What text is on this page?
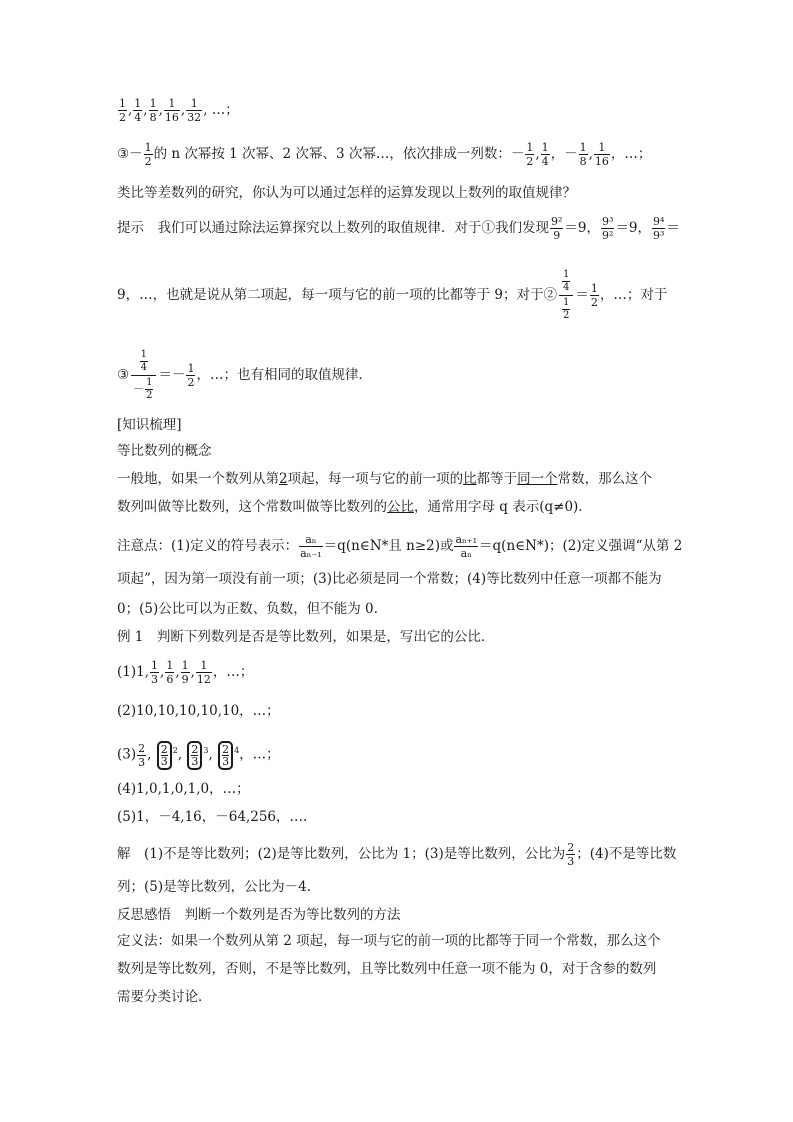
$\frac{1}{2}$ , $\frac{1}{4}$ , $\frac{1}{8}$ , $\frac{1}{16}$ , $\frac{1}{32}$ , …；
③－ $\frac{1}{2}$ 的 n 次幂按 1 次幂、2 次幂、3 次幂…，依次排成一列数：－ $\frac{1}{2}$ , $\frac{1}{4}$ ，－ $\frac{1}{8}$ , $\frac{1}{16}$ ，…；
类比等差数列的研究，你认为可以通过怎样的运算发现以上数列的取值规律？
提示　 我们可以通过除法运算探究以上数列的取值规律．对于①我们发现 $\frac{\text{9²}}{9} =9$， $\frac{\text{9³}}{\text{9²}} =9$， $\frac{\text{9⁴}}{\text{9³}}$ ＝
9，…，也就是说从第二项起，每一项与它的前一项的比都等于 9；对于② $\frac{\frac{1}{4}}{\frac{1}{2}} = \frac{1}{2}$ ，…；对于
③ $\frac{\frac{1}{4}}{- \frac{1}{2}} =- \frac{1}{2}$ ，…；也有相同的取值规律．
[知识梳理]
等比数列的概念
一般地，如果一个数列从第2项起，每一项与它的前一项的比都等于同一个常数，那么这个
数列叫做等比数列，这个常数叫做等比数列的公比，通常用字母 q 表示(q≠0)．
注意点：(1)定义的符号表示： $\frac{\text{aₙ}}{\text{aₙ₋₁}}$ ＝q(n∈N*且 n≥2)或 $\frac{\text{aₙ₊₁}}{\text{aₙ}}$ ＝q(n∈N*)；(2)定义强调“从第 2
项起”，因为第一项没有前一项；(3)比必须是同一个常数；(4)等比数列中任意一项都不能为
0；(5)公比可以为正数、负数，但不能为 0.
例 1　判断下列数列是否是等比数列，如果是，写出它的公比．
(1)1, $\frac{1}{3}$ , $\frac{1}{6}$ , $\frac{1}{9}$ , $\frac{1}{12}$ ，…；
(2)10,10,10,10,10，…；
$(3) \frac{2}{3}$ , $\frac{2}{3} ^2$, $\frac{2}{3} ^3$, $\frac{2}{3} ^4$，…；
(4)1,0,1,0,1,0，…；
(5)1，－4,16，－64,256，….
解　(1)不是等比数列；(2)是等比数列，公比为 1；(3)是等比数列，公比为 $\frac{2}{3}$ ；(4)不是等比数
列；(5)是等比数列，公比为－4.
反思感悟　判断一个数列是否为等比数列的方法
定义法：如果一个数列从第 2 项起，每一项与它的前一项的比都等于同一个常数，那么这个
数列是等比数列，否则，不是等比数列，且等比数列中任意一项不能为 0，对于含参的数列
需要分类讨论．
